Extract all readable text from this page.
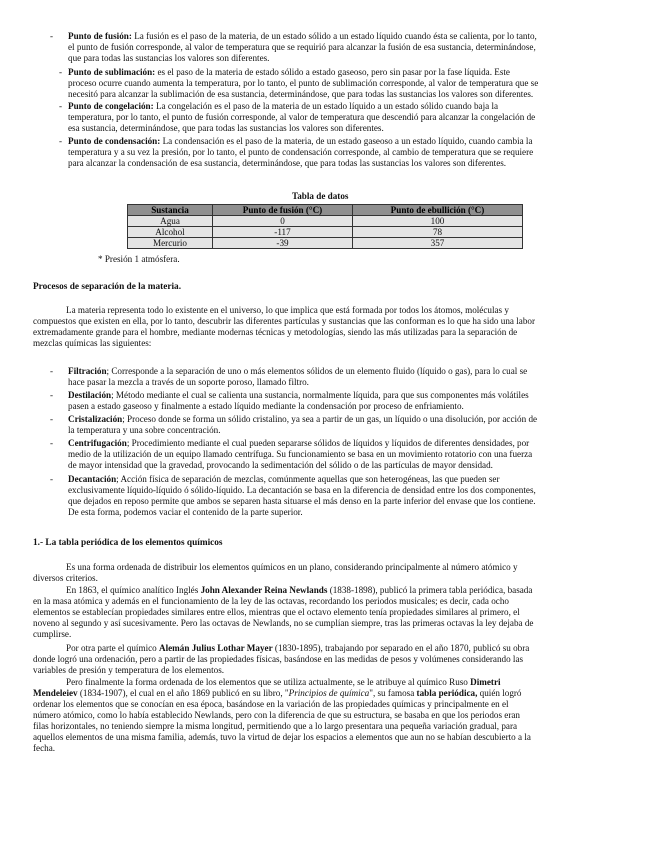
- Punto de fusión: La fusión es el paso de la materia, de un estado sólido a un estado líquido cuando ésta se calienta, por lo tanto,
el punto de fusión corresponde, al valor de temperatura que se requirió para alcanzar la fusión de esa sustancia, determinándose,
que para todas las sustancias los valores son diferentes.
- Punto de sublimación: es el paso de la materia de estado sólido a estado gaseoso, pero sin pasar por la fase líquida. Este
proceso ocurre cuando aumenta la temperatura, por lo tanto, el punto de sublimación corresponde, al valor de temperatura que se
necesitó para alcanzar la sublimación de esa sustancia, determinándose, que para todas las sustancias los valores son diferentes.
- Punto de congelación: La congelación es el paso de la materia de un estado líquido a un estado sólido cuando baja la
temperatura, por lo tanto, el punto de fusión corresponde, al valor de temperatura que descendió para alcanzar la congelación de
esa sustancia, determinándose, que para todas las sustancias los valores son diferentes.
- Punto de condensación: La condensación es el paso de la materia, de un estado gaseoso a un estado líquido, cuando cambia la
temperatura y a su vez la presión, por lo tanto, el punto de condensación corresponde, al cambio de temperatura que se requiere
para alcanzar la condensación de esa sustancia, determinándose, que para todas las sustancias los valores son diferentes.
Tabla de datos
Sustancia	Punto de fusión (°C)	Punto de ebullición (°C)
Agua	0	100
Alcohol	-117	78
Mercurio	-39	357
* Presión 1 atmósfera.
Procesos de separación de la materia.
La materia representa todo lo existente en el universo, lo que implica que está formada por todos los átomos, moléculas y
compuestos que existen en ella, por lo tanto, descubrir las diferentes partículas y sustancias que las conforman es lo que ha sido una labor
extremadamente grande para el hombre, mediante modernas técnicas y metodologías, siendo las más utilizadas para la separación de
mezclas químicas las siguientes:
- Filtración; Corresponde a la separación de uno o más elementos sólidos de un elemento fluido (líquido o gas), para lo cual se
hace pasar la mezcla a través de un soporte poroso, llamado filtro.
- Destilación; Método mediante el cual se calienta una sustancia, normalmente líquida, para que sus componentes más volátiles
pasen a estado gaseoso y finalmente a estado líquido mediante la condensación por proceso de enfriamiento.
- Cristalización; Proceso donde se forma un sólido cristalino, ya sea a partir de un gas, un líquido o una disolución, por acción de
la temperatura y una sobre concentración.
- Centrifugación; Procedimiento mediante el cual pueden separarse sólidos de líquidos y líquidos de diferentes densidades, por
medio de la utilización de un equipo llamado centrífuga. Su funcionamiento se basa en un movimiento rotatorio con una fuerza
de mayor intensidad que la gravedad, provocando la sedimentación del sólido o de las partículas de mayor densidad.
- Decantación; Acción física de separación de mezclas, comúnmente aquellas que son heterogéneas, las que pueden ser
exclusivamente líquido-líquido ó sólido-líquido. La decantación se basa en la diferencia de densidad entre los dos componentes,
que dejados en reposo permite que ambos se separen hasta situarse el más denso en la parte inferior del envase que los contiene.
De esta forma, podemos vaciar el contenido de la parte superior.
1.- La tabla periódica de los elementos químicos
Es una forma ordenada de distribuir los elementos químicos en un plano, considerando principalmente al número atómico y
diversos criterios.
En 1863, el químico analítico Inglés John Alexander Reina Newlands (1838-1898), publicó la primera tabla periódica, basada
en la masa atómica y además en el funcionamiento de la ley de las octavas, recordando los periodos musicales; es decir, cada ocho
elementos se establecían propiedades similares entre ellos, mientras que el octavo elemento tenía propiedades similares al primero, el
noveno al segundo y así sucesivamente. Pero las octavas de Newlands, no se cumplían siempre, tras las primeras octavas la ley dejaba de
cumplirse.
Por otra parte el químico Alemán Julius Lothar Mayer (1830-1895), trabajando por separado en el año 1870, publicó su obra
donde logró una ordenación, pero a partir de las propiedades físicas, basándose en las medidas de pesos y volúmenes considerando las
variables de presión y temperatura de los elementos.
Pero finalmente la forma ordenada de los elementos que se utiliza actualmente, se le atribuye al químico Ruso Dimetri
Mendeleiev (1834-1907), el cual en el año 1869 publicó en su libro, "Principios de química", su famosa tabla periódica, quién logró
ordenar los elementos que se conocían en esa época, basándose en la variación de las propiedades químicas y principalmente en el
número atómico, como lo había establecido Newlands, pero con la diferencia de que su estructura, se basaba en que los periodos eran
filas horizontales, no teniendo siempre la misma longitud, permitiendo que a lo largo presentara una pequeña variación gradual, para
aquellos elementos de una misma familia, además, tuvo la virtud de dejar los espacios a elementos que aun no se habían descubierto a la
fecha.
